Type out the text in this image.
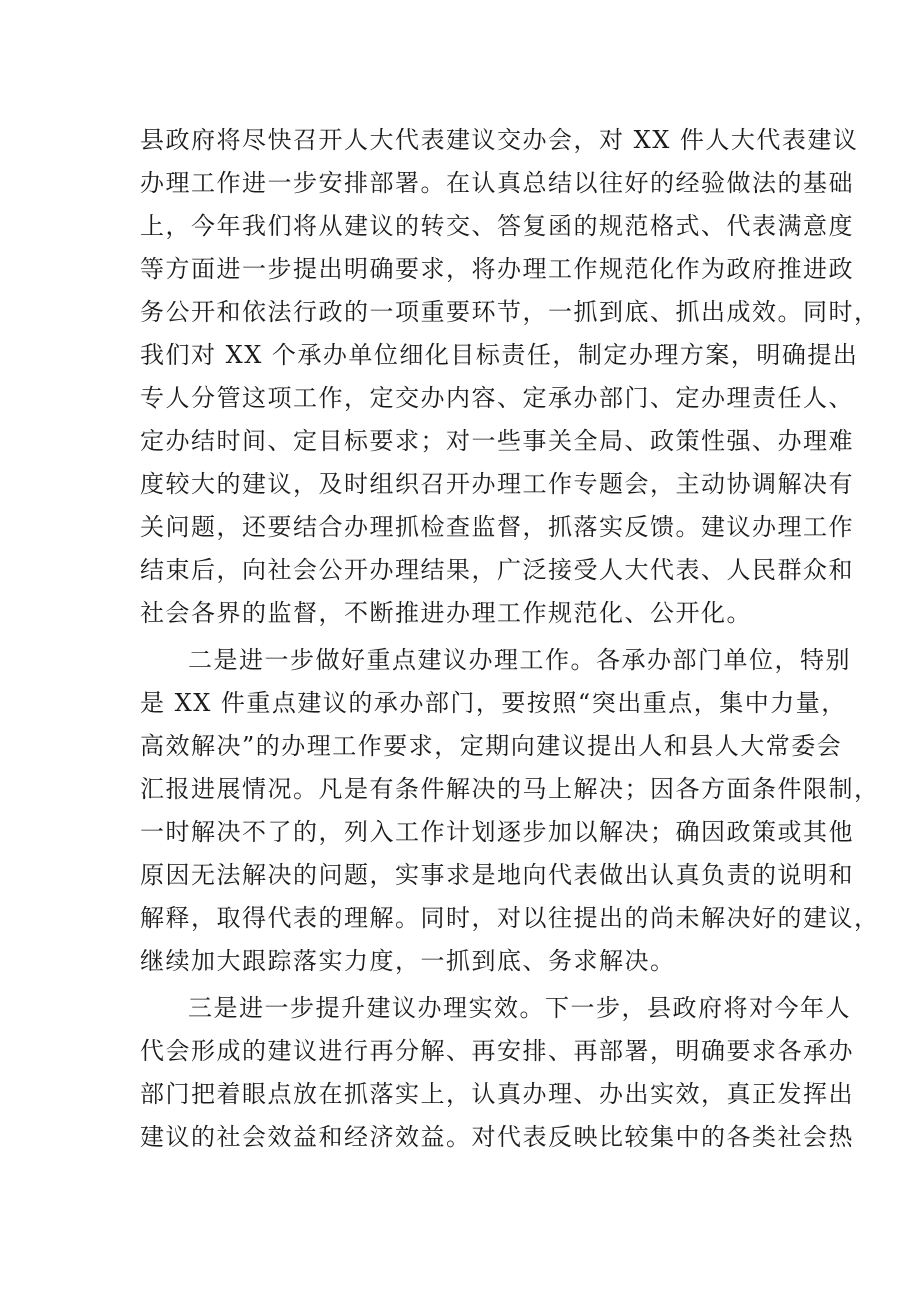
县政府将尽快召开人大代表建议交办会，对 XX 件人大代表建议
办理工作进一步安排部署。在认真总结以往好的经验做法的基础
上，今年我们将从建议的转交、答复函的规范格式、代表满意度
等方面进一步提出明确要求，将办理工作规范化作为政府推进政
务公开和依法行政的一项重要环节，一抓到底、抓出成效。同时，
我们对 XX 个承办单位细化目标责任，制定办理方案，明确提出
专人分管这项工作，定交办内容、定承办部门、定办理责任人、
定办结时间、定目标要求；对一些事关全局、政策性强、办理难
度较大的建议，及时组织召开办理工作专题会，主动协调解决有
关问题，还要结合办理抓检查监督，抓落实反馈。建议办理工作
结束后，向社会公开办理结果，广泛接受人大代表、人民群众和
社会各界的监督，不断推进办理工作规范化、公开化。
二是进一步做好重点建议办理工作。各承办部门单位，特别
是 XX 件重点建议的承办部门，要按照“突出重点，集中力量，
高效解决”的办理工作要求，定期向建议提出人和县人大常委会
汇报进展情况。凡是有条件解决的马上解决；因各方面条件限制，
一时解决不了的，列入工作计划逐步加以解决；确因政策或其他
原因无法解决的问题，实事求是地向代表做出认真负责的说明和
解释，取得代表的理解。同时，对以往提出的尚未解决好的建议，
继续加大跟踪落实力度，一抓到底、务求解决。
三是进一步提升建议办理实效。下一步，县政府将对今年人
代会形成的建议进行再分解、再安排、再部署，明确要求各承办
部门把着眼点放在抓落实上，认真办理、办出实效，真正发挥出
建议的社会效益和经济效益。对代表反映比较集中的各类社会热
